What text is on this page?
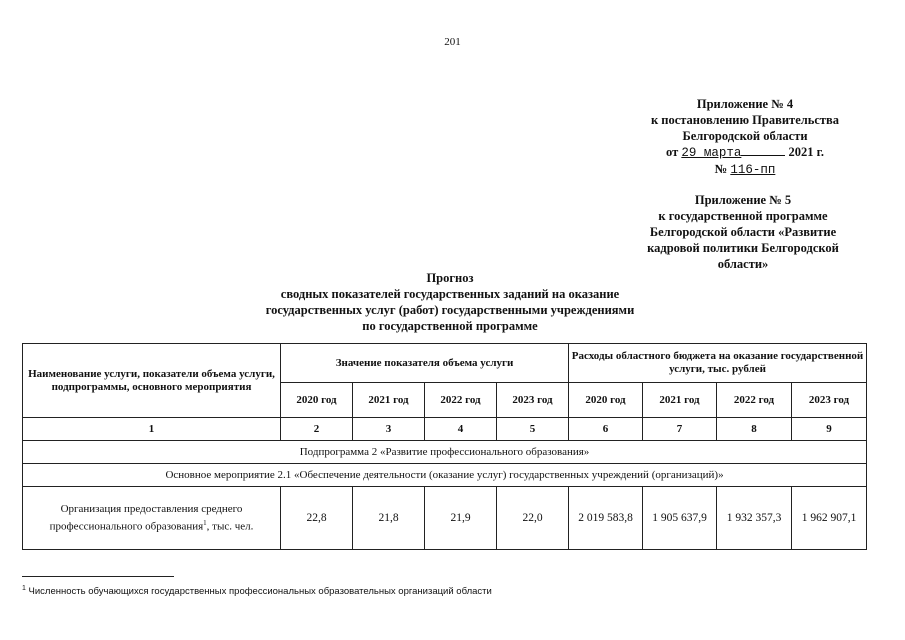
201
Приложение № 4
к постановлению Правительства
Белгородской области
от 29 марта	2021 г.
№ 116-пп
Приложение № 5
к государственной программе
Белгородской области «Развитие
кадровой политики Белгородской
области»
Прогноз
сводных показателей государственных заданий на оказание
государственных услуг (работ) государственными учреждениями
по государственной программе
Наименование услуги, показатели объема услуги, подпрограммы, основного мероприятия	Значение показателя объема услуги				Расходы областного бюджета на оказание государственной услуги, тыс. рублей			
	2020 год	2021 год	2022 год	2023 год	2020 год	2021 год	2022 год	2023 год
1	2	3	4	5	6	7	8	9
Подпрограмма 2 «Развитие профессионального образования»								
Основное мероприятие 2.1 «Обеспечение деятельности (оказание услуг) государственных учреждений (организаций)»								
Организация предоставления среднего профессионального образования$^1$, тыс. чел.	22,8	21,8	21,9	22,0	2 019 583,8	1 905 637,9	1 932 357,3	1 962 907,1
$^1$ Численность обучающихся государственных профессиональных образовательных организаций области
